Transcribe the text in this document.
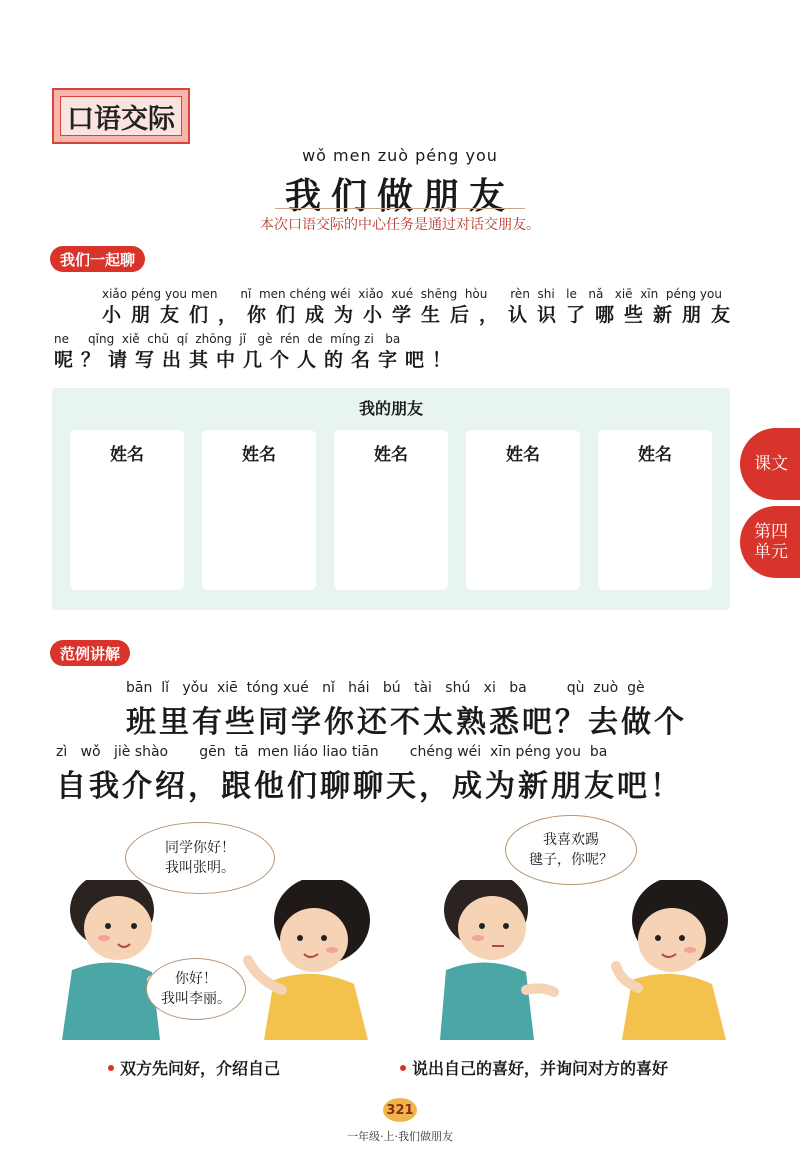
口语交际
wǒ men zuò péng you
我们做朋友
本次口语交际的中心任务是通过对话交朋友。
我们一起聊
xiǎo péng you men      nǐ  men chéng wéi  xiǎo  xué  shēng  hòu      rèn  shi   le   nǎ   xiē  xīn  péng you
小朋友们，你们成为小学生后，认识了哪些新朋友
ne     qǐng  xiě  chū  qí  zhōng  jǐ   gè  rén  de  míng zi   ba
呢？请写出其中几个人的名字吧！
我的朋友
姓名	姓名	姓名	姓名	姓名	课文
第四
单元
范例讲解
bān  lǐ   yǒu  xiē  tóng xué   nǐ   hái   bú   tài   shú   xi   ba         qù  zuò  gè
班里有些同学你还不太熟悉吧？去做个
zì   wǒ   jiè shào       gēn  tā  men liáo liao tiān       chéng wéi  xīn péng you  ba
自我介绍，跟他们聊聊天，成为新朋友吧！
同学你好！
我叫张明。
你好！
我叫李丽。
我喜欢踢
毽子，你呢？
双方先问好，介绍自己	说出自己的喜好，并询问对方的喜好
321
一年级·上·我们做朋友
